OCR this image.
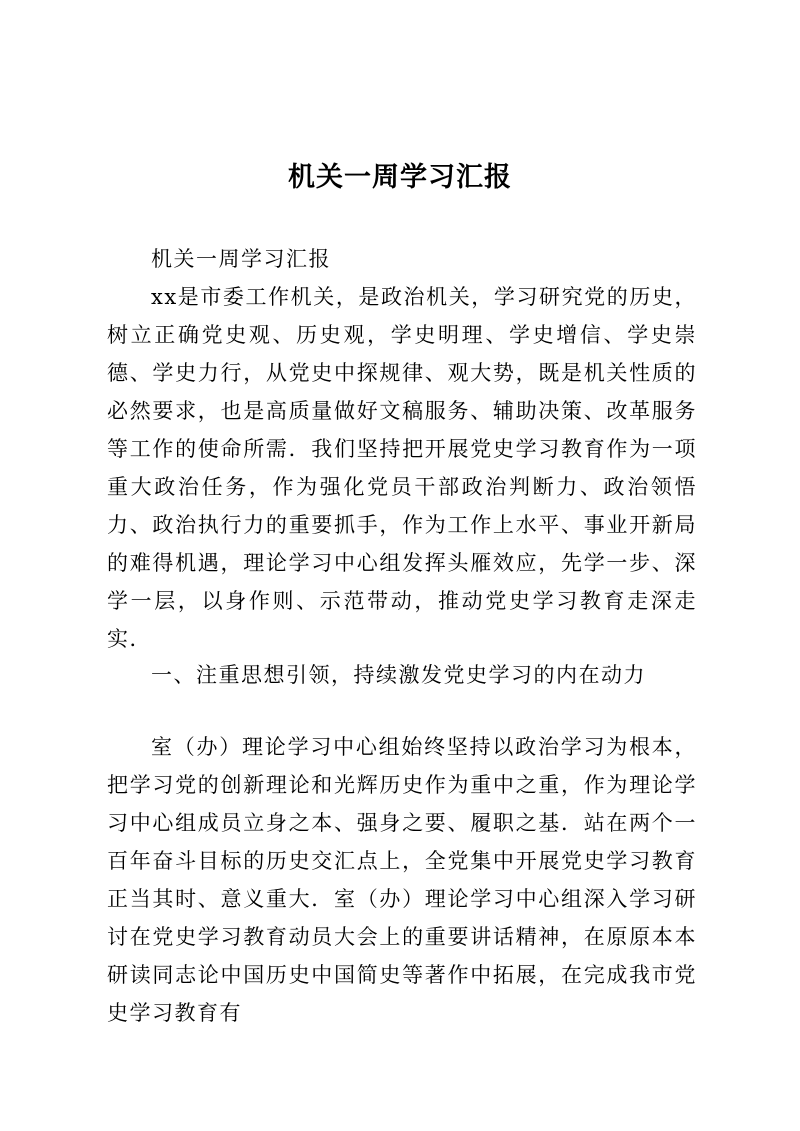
机关一周学习汇报

机关一周学习汇报

xx是市委工作机关，是政治机关，学习研究党的历史，树立正确党史观、历史观，学史明理、学史增信、学史崇德、学史力行，从党史中探规律、观大势，既是机关性质的必然要求，也是高质量做好文稿服务、辅助决策、改革服务等工作的使命所需．我们坚持把开展党史学习教育作为一项重大政治任务，作为强化党员干部政治判断力、政治领悟力、政治执行力的重要抓手，作为工作上水平、事业开新局的难得机遇，理论学习中心组发挥头雁效应，先学一步、深学一层，以身作则、示范带动，推动党史学习教育走深走实．

一、注重思想引领，持续激发党史学习的内在动力

室（办）理论学习中心组始终坚持以政治学习为根本，把学习党的创新理论和光辉历史作为重中之重，作为理论学习中心组成员立身之本、强身之要、履职之基．站在两个一百年奋斗目标的历史交汇点上，全党集中开展党史学习教育正当其时、意义重大．室（办）理论学习中心组深入学习研讨在党史学习教育动员大会上的重要讲话精神，在原原本本研读同志论中国历史中国简史等著作中拓展，在完成我市党史学习教育有
